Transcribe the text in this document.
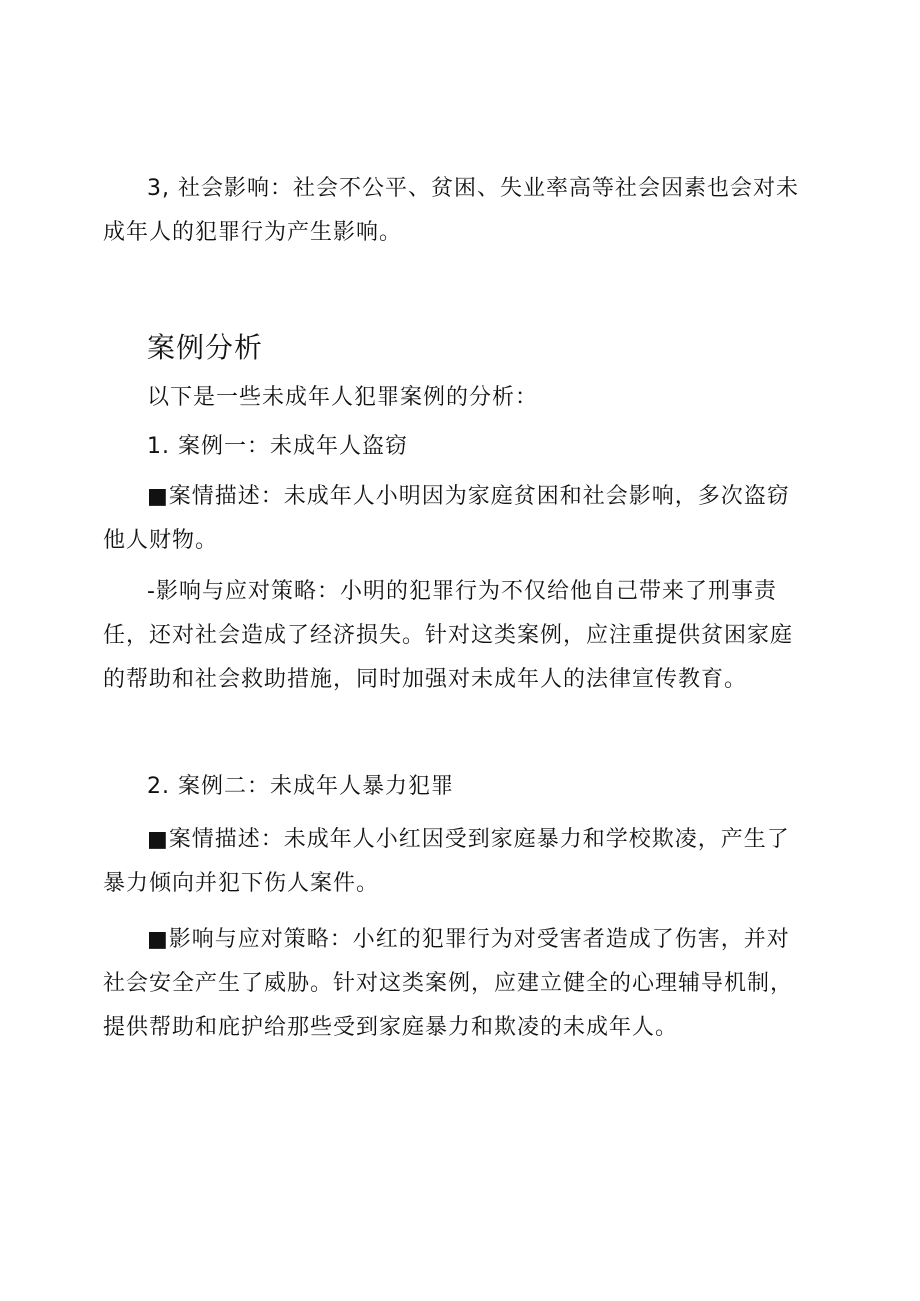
3, 社会影响：社会不公平、贫困、失业率高等社会因素也会对未成年人的犯罪行为产生影响。

案例分析

以下是一些未成年人犯罪案例的分析：

1. 案例一：未成年人盗窃

■案情描述：未成年人小明因为家庭贫困和社会影响，多次盗窃他人财物。

-影响与应对策略：小明的犯罪行为不仅给他自己带来了刑事责任，还对社会造成了经济损失。针对这类案例，应注重提供贫困家庭的帮助和社会救助措施，同时加强对未成年人的法律宣传教育。

2. 案例二：未成年人暴力犯罪

■案情描述：未成年人小红因受到家庭暴力和学校欺凌，产生了暴力倾向并犯下伤人案件。

■影响与应对策略：小红的犯罪行为对受害者造成了伤害，并对社会安全产生了威胁。针对这类案例，应建立健全的心理辅导机制，提供帮助和庇护给那些受到家庭暴力和欺凌的未成年人。
